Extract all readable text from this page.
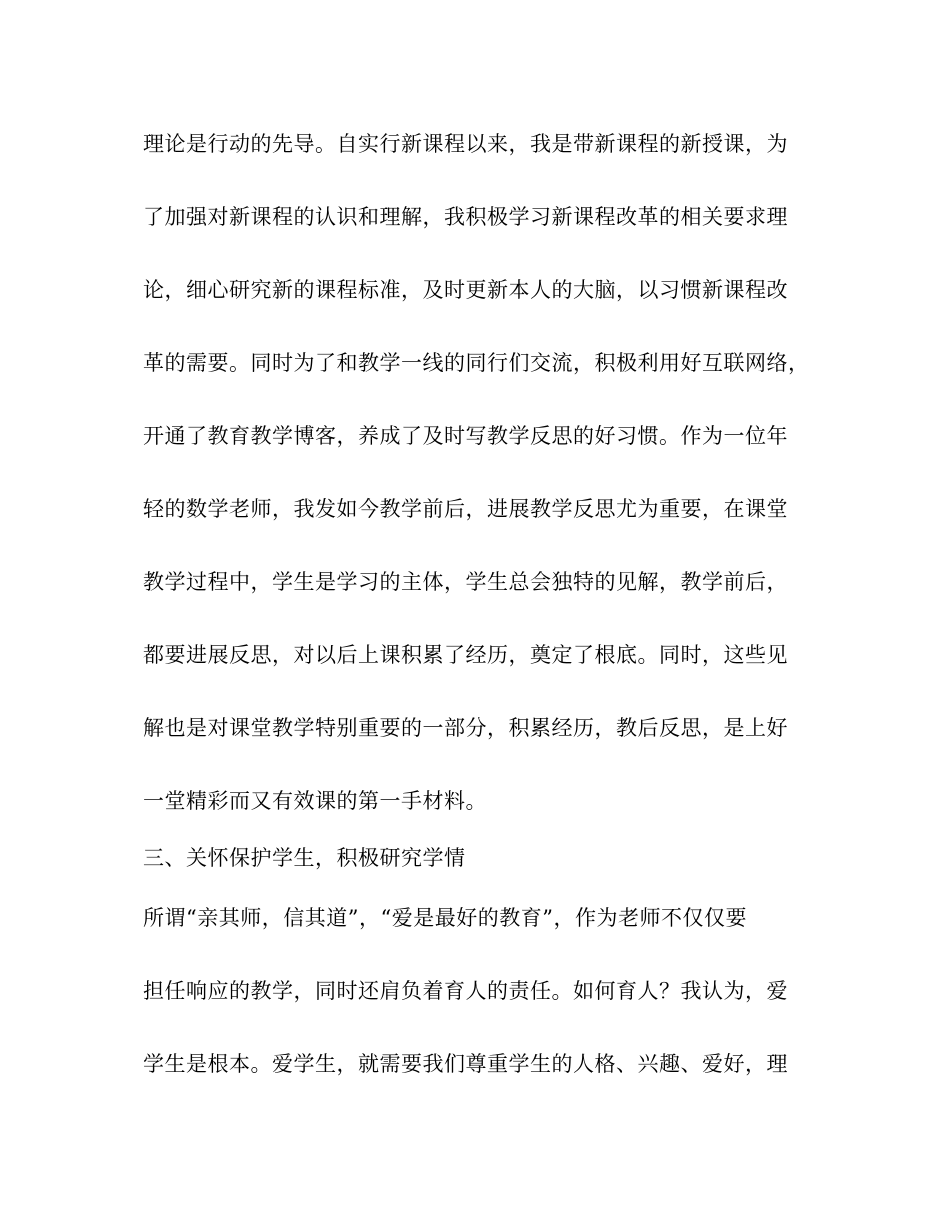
理论是行动的先导。自实行新课程以来，我是带新课程的新授课，为
了加强对新课程的认识和理解，我积极学习新课程改革的相关要求理
论，细心研究新的课程标准，及时更新本人的大脑，以习惯新课程改
革的需要。同时为了和教学一线的同行们交流，积极利用好互联网络，
开通了教育教学博客，养成了及时写教学反思的好习惯。作为一位年
轻的数学老师，我发如今教学前后，进展教学反思尤为重要，在课堂
教学过程中，学生是学习的主体，学生总会独特的见解，教学前后，
都要进展反思，对以后上课积累了经历，奠定了根底。同时，这些见
解也是对课堂教学特别重要的一部分，积累经历，教后反思，是上好
一堂精彩而又有效课的第一手材料。
三、关怀保护学生，积极研究学情
所谓“亲其师，信其道”，“爱是最好的教育”，作为老师不仅仅要
担任响应的教学，同时还肩负着育人的责任。如何育人？我认为，爱
学生是根本。爱学生，就需要我们尊重学生的人格、兴趣、爱好，理
